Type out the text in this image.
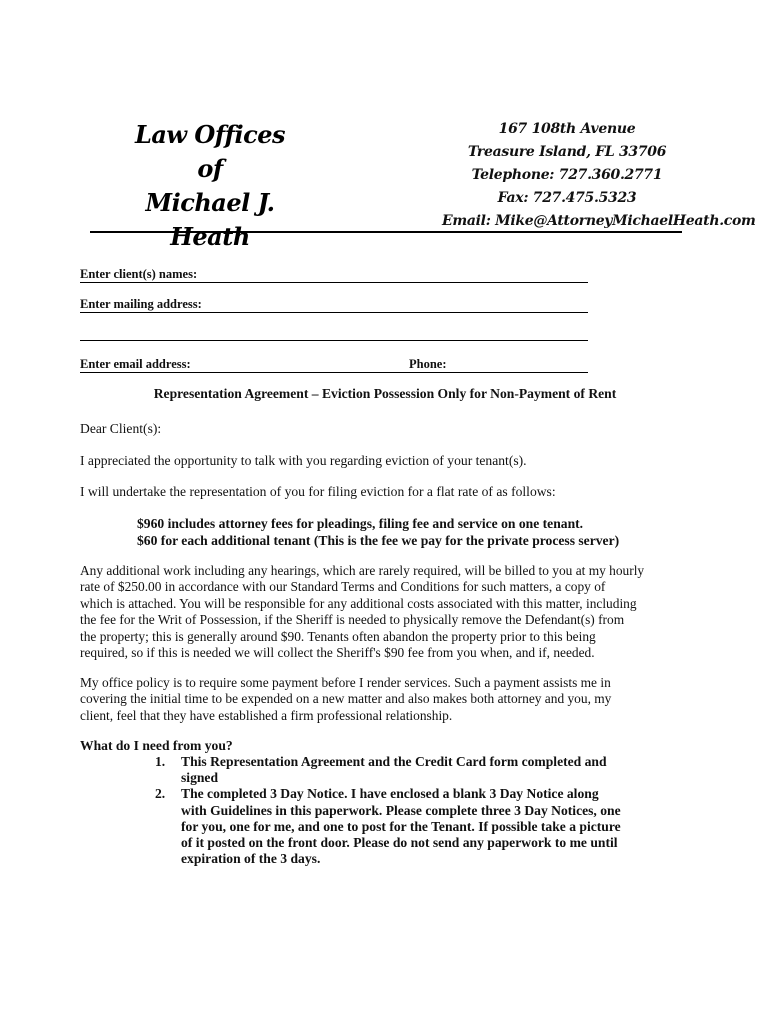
Law Offices
of
Michael J. Heath
167 108th Avenue
Treasure Island, FL 33706
Telephone: 727.360.2771
Fax: 727.475.5323
Email: Mike@AttorneyMichaelHeath.com
Enter client(s) names:
Enter mailing address:
Enter email address:	Phone:
Representation Agreement – Eviction Possession Only for Non-Payment of Rent
Dear Client(s):
I appreciated the opportunity to talk with you regarding eviction of your tenant(s).
I will undertake the representation of you for filing eviction for a flat rate of as follows:
$960 includes attorney fees for pleadings, filing fee and service on one tenant.
$60 for each additional tenant (This is the fee we pay for the private process server)
Any additional work including any hearings, which are rarely required, will be billed to you at my hourly
rate of $250.00 in accordance with our Standard Terms and Conditions for such matters, a copy of
which is attached. You will be responsible for any additional costs associated with this matter, including
the fee for the Writ of Possession, if the Sheriff is needed to physically remove the Defendant(s) from
the property; this is generally around $90. Tenants often abandon the property prior to this being
required, so if this is needed we will collect the Sheriff's $90 fee from you when, and if, needed.
My office policy is to require some payment before I render services. Such a payment assists me in
covering the initial time to be expended on a new matter and also makes both attorney and you, my
client, feel that they have established a firm professional relationship.
What do I need from you?
1. This Representation Agreement and the Credit Card form completed and
signed
2. The completed 3 Day Notice. I have enclosed a blank 3 Day Notice along
with Guidelines in this paperwork. Please complete three 3 Day Notices, one
for you, one for me, and one to post for the Tenant. If possible take a picture
of it posted on the front door. Please do not send any paperwork to me until
expiration of the 3 days.
